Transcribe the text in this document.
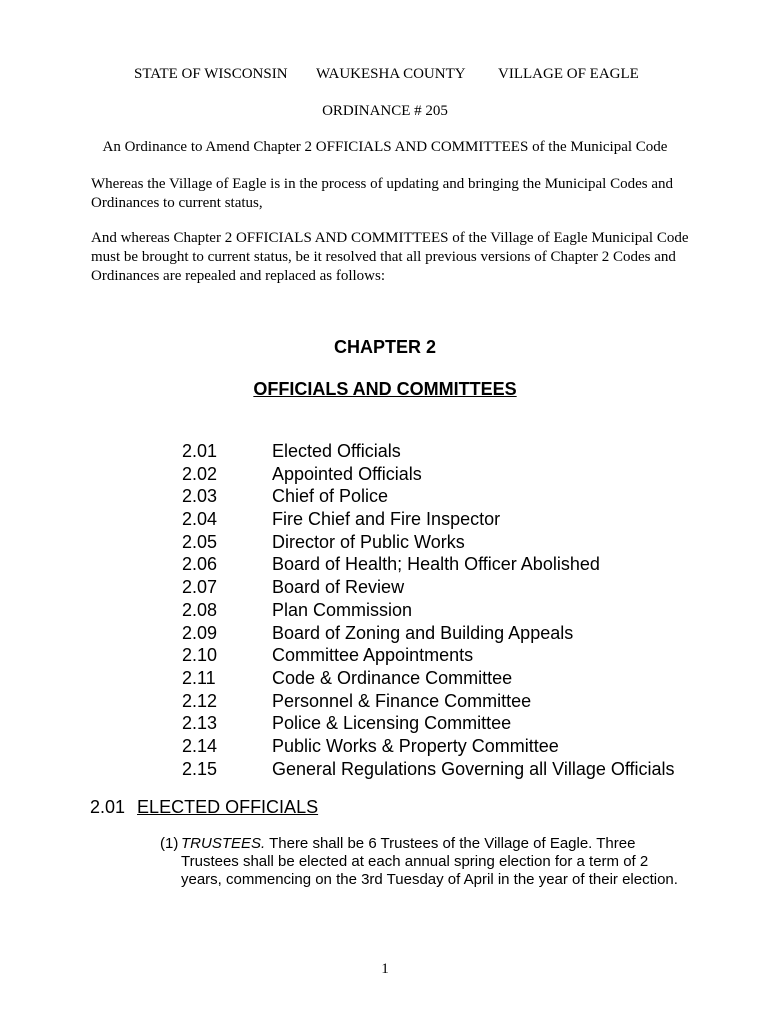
STATE OF WISCONSIN WAUKESHA COUNTY VILLAGE OF EAGLE
ORDINANCE # 205
An Ordinance to Amend Chapter 2 OFFICIALS AND COMMITTEES of the Municipal Code
Whereas the Village of Eagle is in the process of updating and bringing the Municipal Codes and Ordinances to current status,
And whereas Chapter 2 OFFICIALS AND COMMITTEES of the Village of Eagle Municipal Code must be brought to current status, be it resolved that all previous versions of Chapter 2 Codes and Ordinances are repealed and replaced as follows:
CHAPTER 2
OFFICIALS AND COMMITTEES
2.01	Elected Officials
2.02	Appointed Officials
2.03	Chief of Police
2.04	Fire Chief and Fire Inspector
2.05	Director of Public Works
2.06	Board of Health; Health Officer Abolished
2.07	Board of Review
2.08	Plan Commission
2.09	Board of Zoning and Building Appeals
2.10	Committee Appointments
2.11	Code & Ordinance Committee
2.12	Personnel & Finance Committee
2.13	Police & Licensing Committee
2.14	Public Works & Property Committee
2.15	General Regulations Governing all Village Officials
2.01 ELECTED OFFICIALS
(1) TRUSTEES. There shall be 6 Trustees of the Village of Eagle. Three Trustees shall be elected at each annual spring election for a term of 2 years, commencing on the 3rd Tuesday of April in the year of their election.
1
